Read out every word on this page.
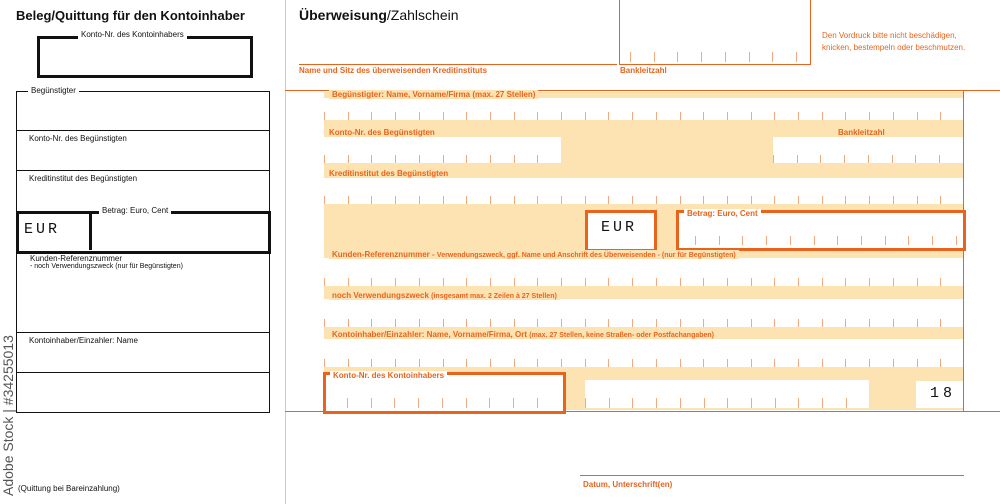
Beleg/Quittung für den Kontoinhaber
Konto-Nr. des Kontoinhabers
Begünstigter
Konto-Nr. des Begünstigten
Kreditinstitut des Begünstigten
EUR
Betrag: Euro, Cent
Kunden-Referenznummer
- noch Verwendungszweck (nur für Begünstigten)
Kontoinhaber/Einzahler: Name
(Quittung bei Bareinzahlung)
Adobe Stock | #34255013
Überweisung/Zahlschein
Name und Sitz des überweisenden Kreditinstituts	Bankleitzahl
Den Vordruck bitte nicht beschädigen, knicken, bestempeln oder beschmutzen.
Begünstigter: Name, Vorname/Firma (max. 27 Stellen)
Konto-Nr. des Begünstigten	Bankleitzahl
Kreditinstitut des Begünstigten
EUR
Betrag: Euro, Cent
Kunden-Referenznummer - Verwendungszweck, ggf. Name und Anschrift des Überweisenden - (nur für Begünstigten)
noch Verwendungszweck (insgesamt max. 2 Zeilen à 27 Stellen)
Kontoinhaber/Einzahler: Name, Vorname/Firma, Ort (max. 27 Stellen, keine Straßen- oder Postfachangaben)
Konto-Nr. des Kontoinhabers
18
Datum, Unterschrift(en)
